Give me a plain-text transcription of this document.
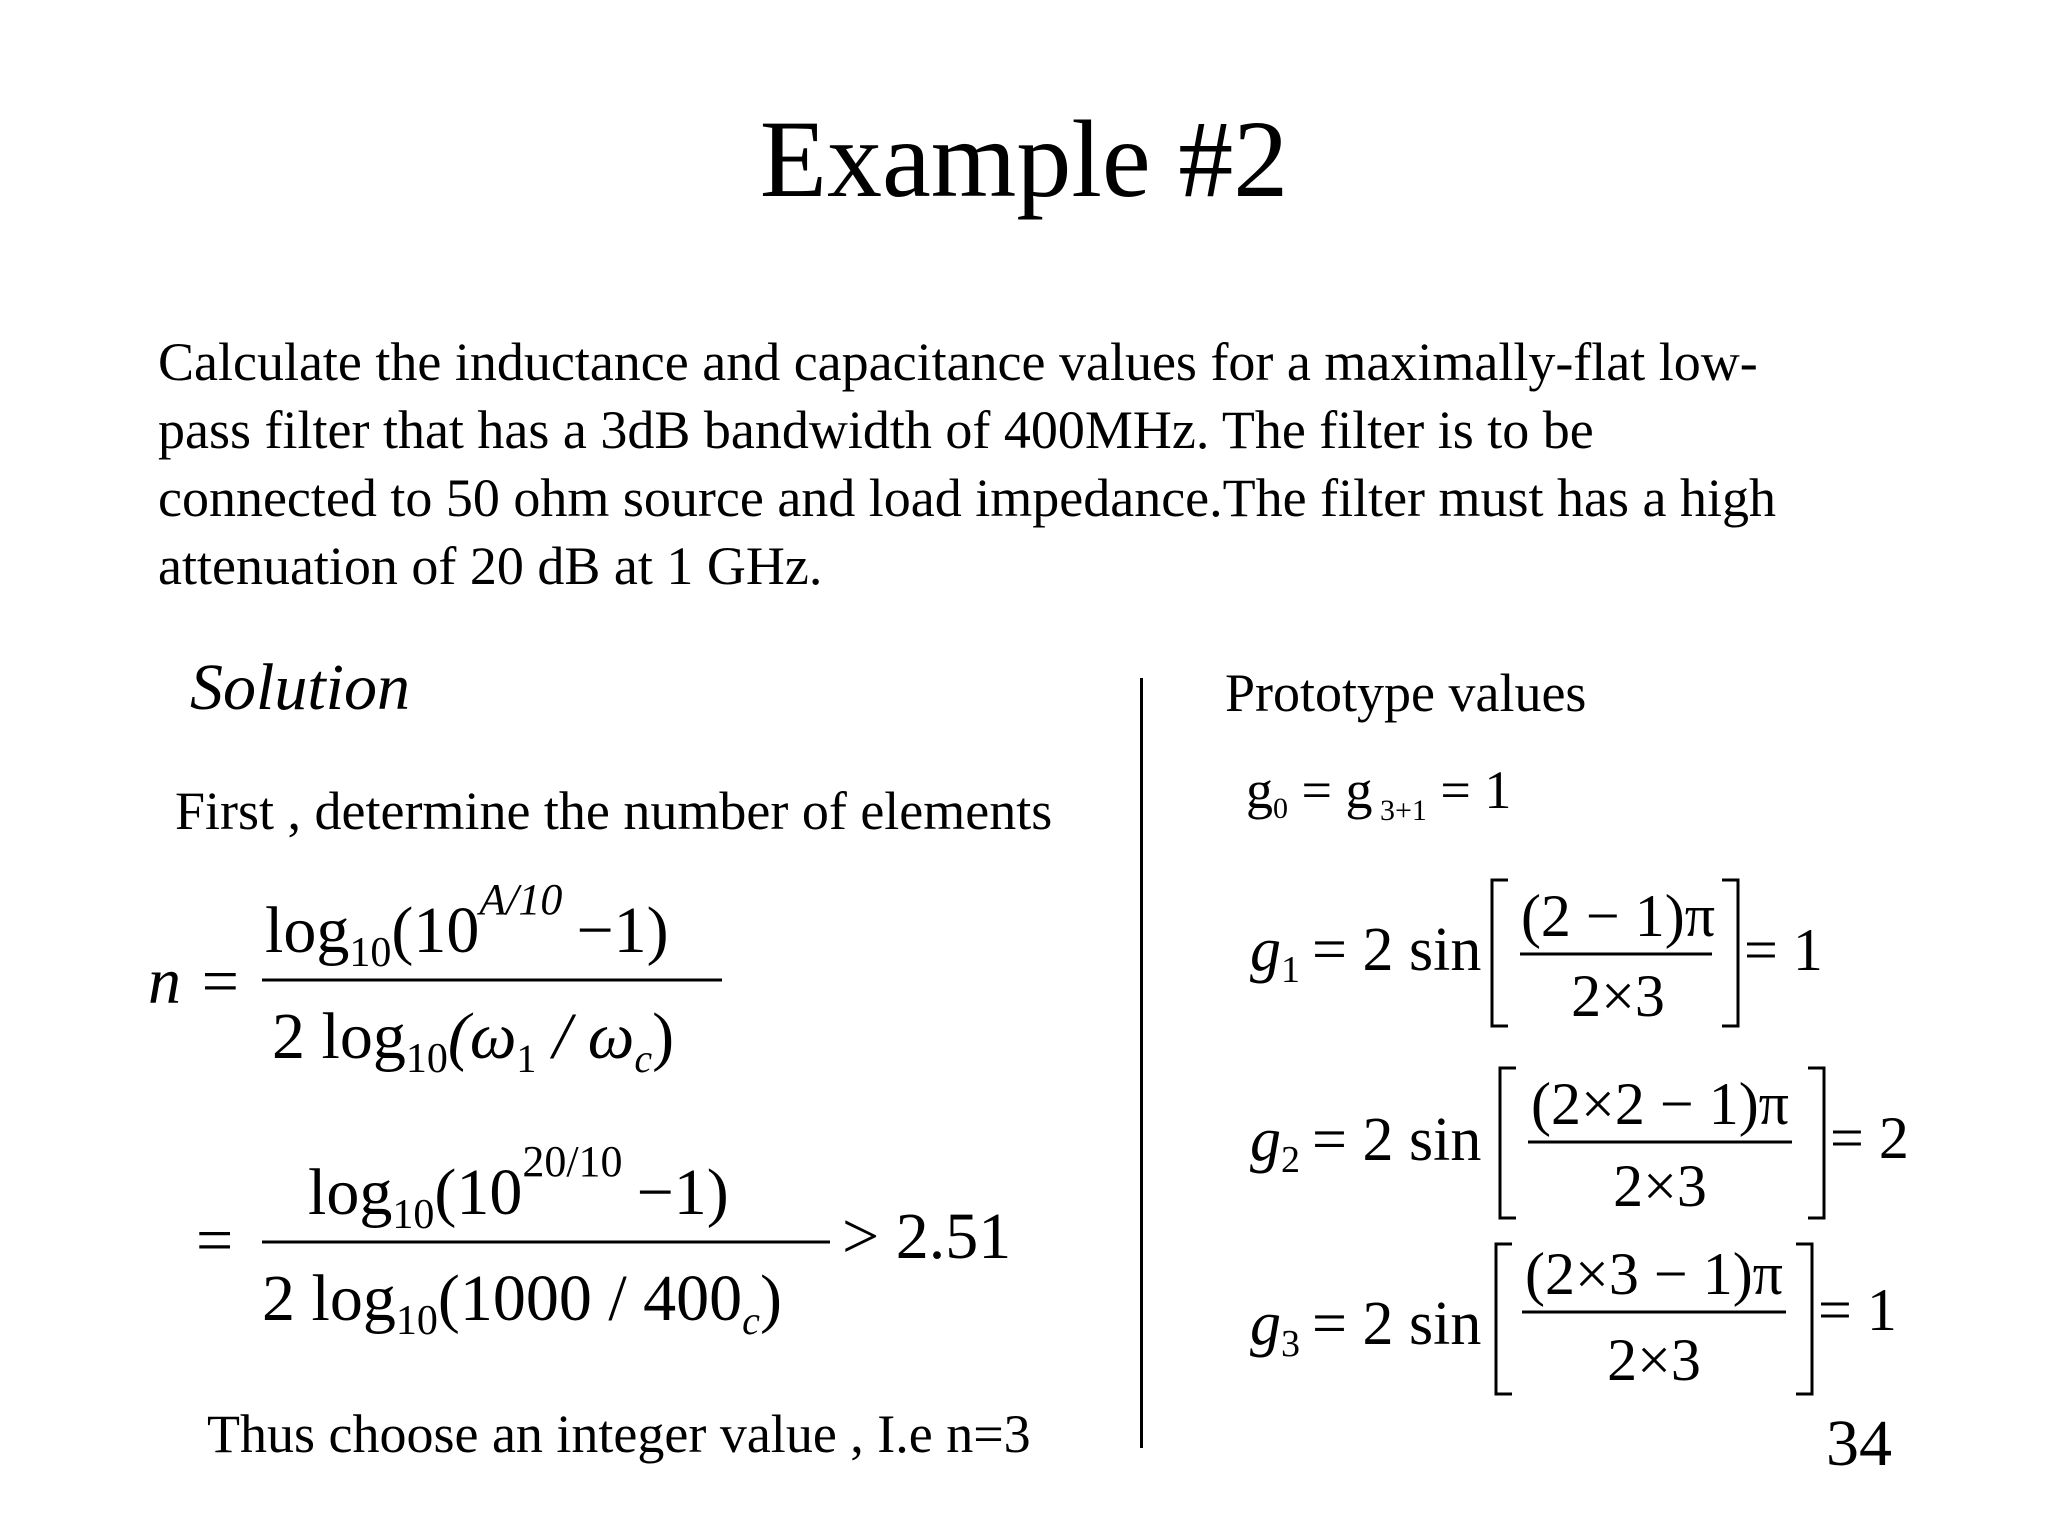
Example #2
Calculate the inductance and capacitance values for a maximally-flat low-
pass filter that has a 3dB bandwidth of 400MHz. The filter is to be
connected to 50 ohm source and load impedance.The filter must has a high
attenuation of 20 dB at 1 GHz.
Solution
First , determine the number of elements
Prototype values
Thus choose an integer value , I.e n=3	34
n =
$\log_{10}(10^{A/10} -1)$
2 $\log_{10}(\omega_1 / \omega_c)$
=
$\log_{10}(10^{20/10} -1)$
2 $\log_{10}(1000 / 400_c)$
> 2.51
g0 = g $_{3+1}$ = 1
g1 = 2 sin (2 − 1)π
2×3
= 1
g2 = 2 sin
(2×2 − 1)π
2×3
= 2
g3 = 2 sin
(2×3 − 1)π
2×3
= 1
